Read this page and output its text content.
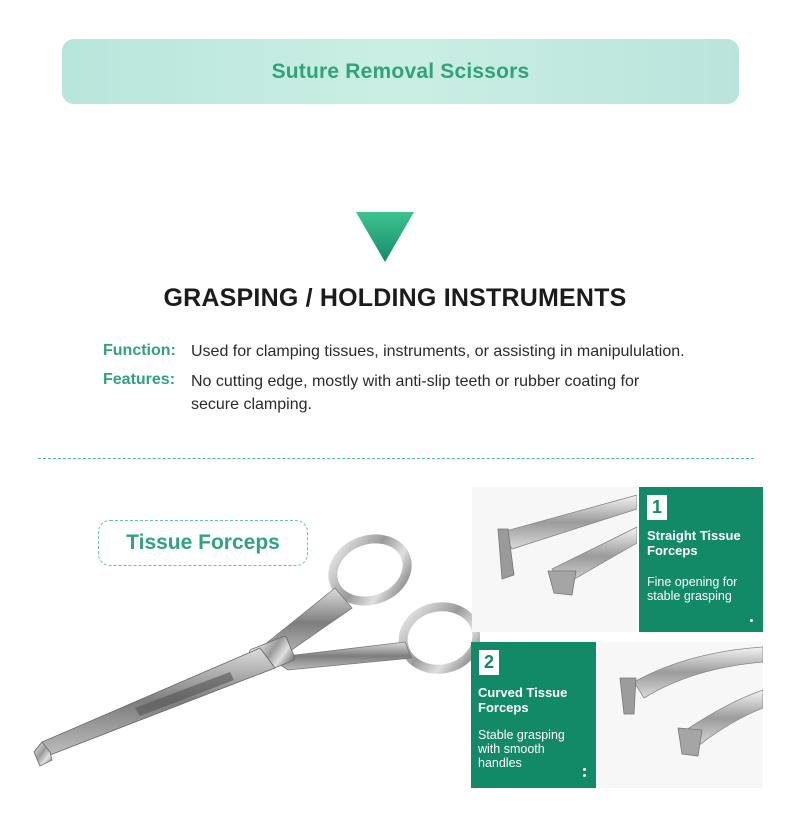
Suture Removal Scissors
GRASPING / HOLDING INSTRUMENTS
Function: Used for clamping tissues, instruments, or assisting in manipululation.
Features: No cutting edge, mostly with anti-slip teeth or rubber coating for
secure clamping.
Tissue Forceps
1
Straight Tissue
Forceps
Fine opening for
stable grasping
2
Curved Tissue
Forceps
Stable grasping
with smooth
handles
